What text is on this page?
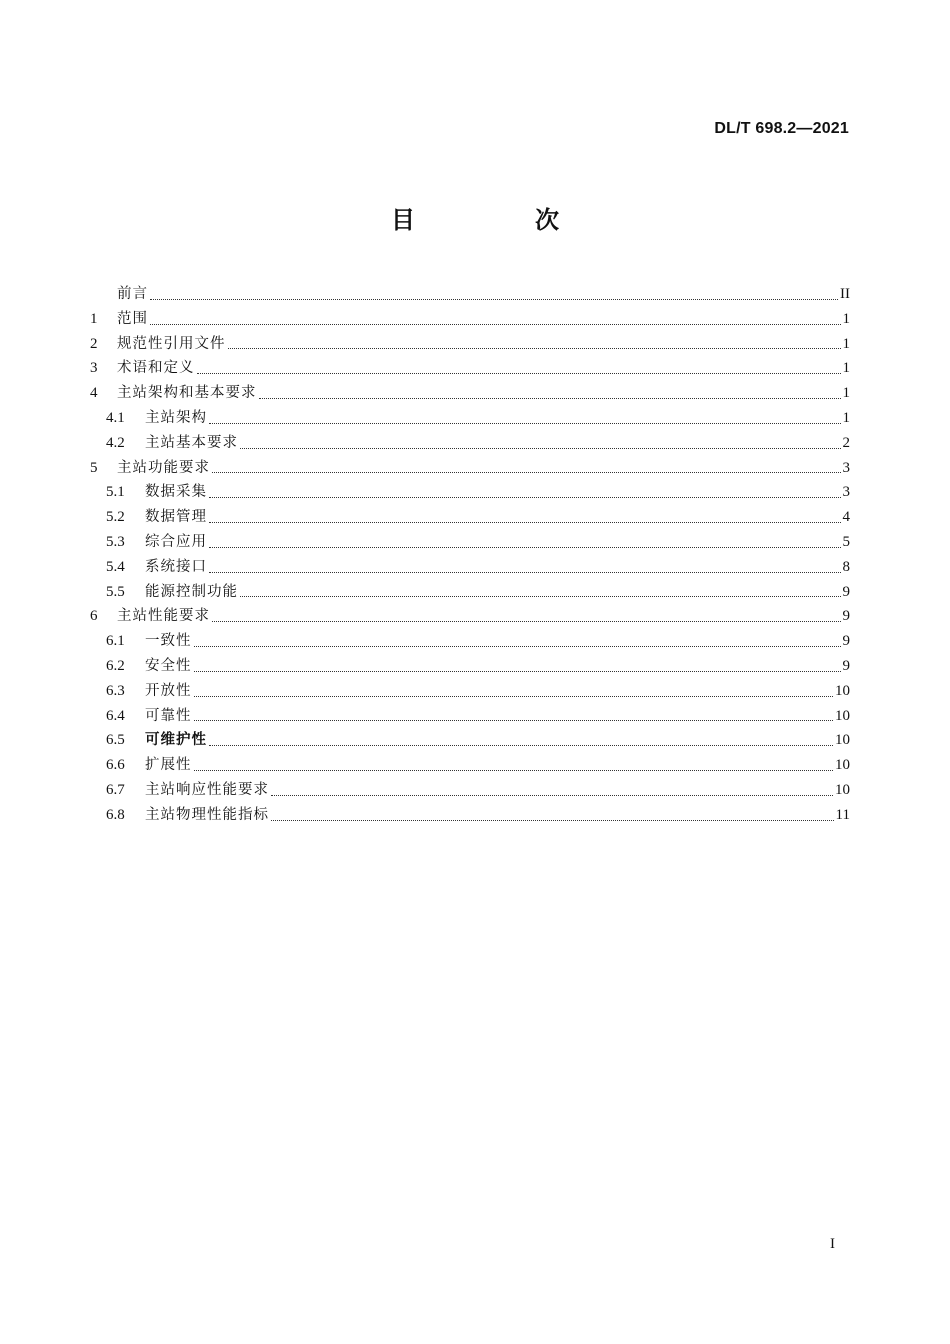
DL/T 698.2—2021
目　次
前言	II
1	范围	1
2	规范性引用文件	1
3	术语和定义	1
4	主站架构和基本要求	1
4.1	主站架构	1
4.2	主站基本要求	2
5	主站功能要求	3
5.1	数据采集	3
5.2	数据管理	4
5.3	综合应用	5
5.4	系统接口	8
5.5	能源控制功能	9
6	主站性能要求	9
6.1	一致性	9
6.2	安全性	9
6.3	开放性	10
6.4	可靠性	10
6.5	可维护性	10
6.6	扩展性	10
6.7	主站响应性能要求	10
6.8	主站物理性能指标	11
I
